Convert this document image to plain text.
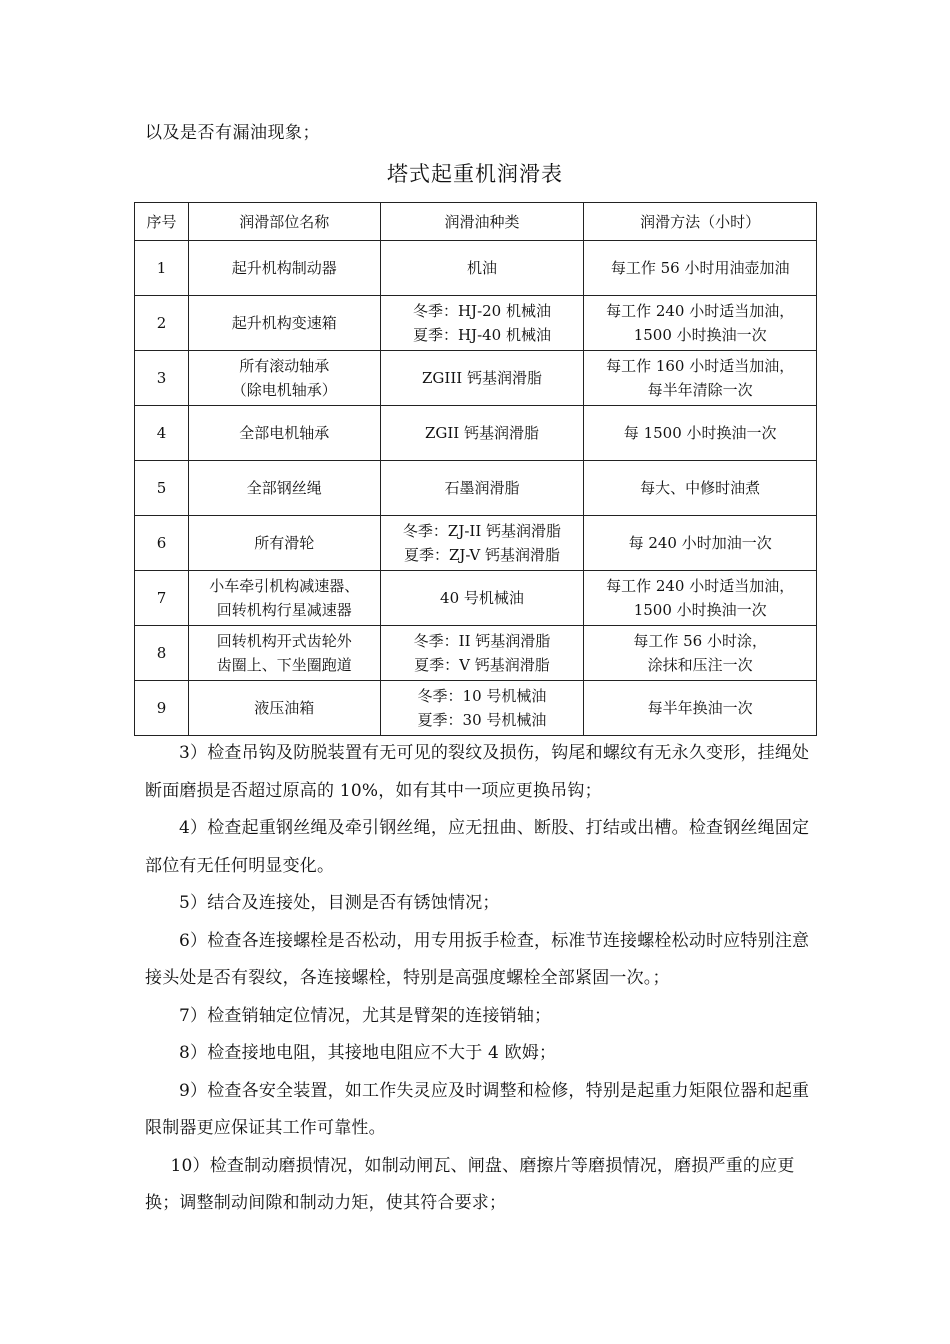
以及是否有漏油现象；
塔式起重机润滑表
序号	润滑部位名称	润滑油种类	润滑方法（小时）
1	起升机构制动器	机油	每工作 56 小时用油壶加油

2	起升机构变速箱	冬季：HJ-20 机械油
夏季：HJ-40 机械油	每工作 240 小时适当加油，
1500 小时换油一次

3	所有滚动轴承
（除电机轴承）	ZGIII 钙基润滑脂	每工作 160 小时适当加油，
每半年清除一次

4	全部电机轴承	ZGII 钙基润滑脂	每 1500 小时换油一次

5	全部钢丝绳	石墨润滑脂	每大、中修时油煮

6	所有滑轮	冬季：ZJ-II 钙基润滑脂
夏季：ZJ-V 钙基润滑脂	每 240 小时加油一次

7	小车牵引机构减速器、
回转机构行星减速器	40 号机械油	每工作 240 小时适当加油，
1500 小时换油一次

8	回转机构开式齿轮外
齿圈上、下坐圈跑道	冬季：II 钙基润滑脂
夏季：V 钙基润滑脂	每工作 56 小时涂，
涂抹和压注一次

9	液压油箱	冬季：10 号机械油
夏季：30 号机械油	每半年换油一次

3）检查吊钩及防脱装置有无可见的裂纹及损伤，钩尾和螺纹有无永久变形，挂绳处断面磨损是否超过原高的 10%，如有其中一项应更换吊钩；

4）检查起重钢丝绳及牵引钢丝绳，应无扭曲、断股、打结或出槽。检查钢丝绳固定部位有无任何明显变化。

5）结合及连接处，目测是否有锈蚀情况；

6）检查各连接螺栓是否松动，用专用扳手检查，标准节连接螺栓松动时应特别注意接头处是否有裂纹，各连接螺栓，特别是高强度螺栓全部紧固一次。；

7）检查销轴定位情况，尤其是臂架的连接销轴；

8）检查接地电阻，其接地电阻应不大于 4 欧姆；

9）检查各安全装置，如工作失灵应及时调整和检修，特别是起重力矩限位器和起重限制器更应保证其工作可靠性。

10）检查制动磨损情况，如制动闸瓦、闸盘、磨擦片等磨损情况，磨损严重的应更换；调整制动间隙和制动力矩，使其符合要求；
